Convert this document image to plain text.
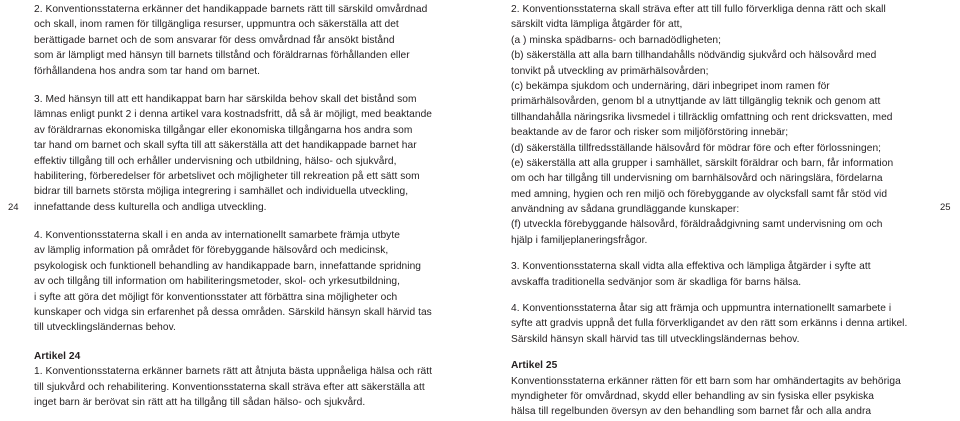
24	25
2. Konventionsstaterna erkänner det handikappade barnets rätt till särskild omvårdnad
och skall, inom ramen för tillgängliga resurser, uppmuntra och säkerställa att det
berättigade barnet och de som ansvarar för dess omvårdnad får ansökt bistånd
som är lämpligt med hänsyn till barnets tillstånd och föräldrarnas förhållanden eller
förhållandena hos andra som tar hand om barnet.
3. Med hänsyn till att ett handikappat barn har särskilda behov skall det bistånd som
lämnas enligt punkt 2 i denna artikel vara kostnadsfritt, då så är möjligt, med beaktande
av föräldrarnas ekonomiska tillgångar eller ekonomiska tillgångarna hos andra som
tar hand om barnet och skall syfta till att säkerställa att det handikappade barnet har
effektiv tillgång till och erhåller undervisning och utbildning, hälso- och sjukvård,
habilitering, förberedelser för arbetslivet och möjligheter till rekreation på ett sätt som
bidrar till barnets största möjliga integrering i samhället och individuella utveckling,
innefattande dess kulturella och andliga utveckling.
4. Konventionsstaterna skall i en anda av internationellt samarbete främja utbyte
av lämplig information på området för förebyggande hälsovård och medicinsk,
psykologisk och funktionell behandling av handikappade barn, innefattande spridning
av och tillgång till information om habiliteringsmetoder, skol- och yrkesutbildning,
i syfte att göra det möjligt för konventionsstater att förbättra sina möjligheter och
kunskaper och vidga sin erfarenhet på dessa områden. Särskild hänsyn skall härvid tas
till utvecklingsländernas behov.
Artikel 24
1. Konventionsstaterna erkänner barnets rätt att åtnjuta bästa uppnåeliga hälsa och rätt
till sjukvård och rehabilitering. Konventionsstaterna skall sträva efter att säkerställa att
inget barn är berövat sin rätt att ha tillgång till sådan hälso- och sjukvård.
2. Konventionsstaterna skall sträva efter att till fullo förverkliga denna rätt och skall
särskilt vidta lämpliga åtgärder för att,
(a ) minska spädbarns- och barnadödligheten;
(b) säkerställa att alla barn tillhandahålls nödvändig sjukvård och hälsovård med
tonvikt på utveckling av primärhälsovården;
(c) bekämpa sjukdom och undernäring, däri inbegripet inom ramen för
primärhälsovården, genom bl a utnyttjande av lätt tillgänglig teknik och genom att
tillhandahålla näringsrika livsmedel i tillräcklig omfattning och rent dricksvatten, med
beaktande av de faror och risker som miljöförstöring innebär;
(d) säkerställa tillfredsställande hälsovård för mödrar före och efter förlossningen;
(e) säkerställa att alla grupper i samhället, särskilt föräldrar och barn, får information
om och har tillgång till undervisning om barnhälsovård och näringslära, fördelarna
med amning, hygien och ren miljö och förebyggande av olycksfall samt får stöd vid
användning av sådana grundläggande kunskaper:
(f) utveckla förebyggande hälsovård, föräldraådgivning samt undervisning om och
hjälp i familjeplaneringsfrågor.
3. Konventionsstaterna skall vidta alla effektiva och lämpliga åtgärder i syfte att
avskaffa traditionella sedvänjor som är skadliga för barns hälsa.
4. Konventionsstaterna åtar sig att främja och uppmuntra internationellt samarbete i
syfte att gradvis uppnå det fulla förverkligandet av den rätt som erkänns i denna artikel.
Särskild hänsyn skall härvid tas till utvecklingsländernas behov.
Artikel 25
Konventionsstaterna erkänner rätten för ett barn som har omhändertagits av behöriga
myndigheter för omvårdnad, skydd eller behandling av sin fysiska eller psykiska
hälsa till regelbunden översyn av den behandling som barnet får och alla andra
